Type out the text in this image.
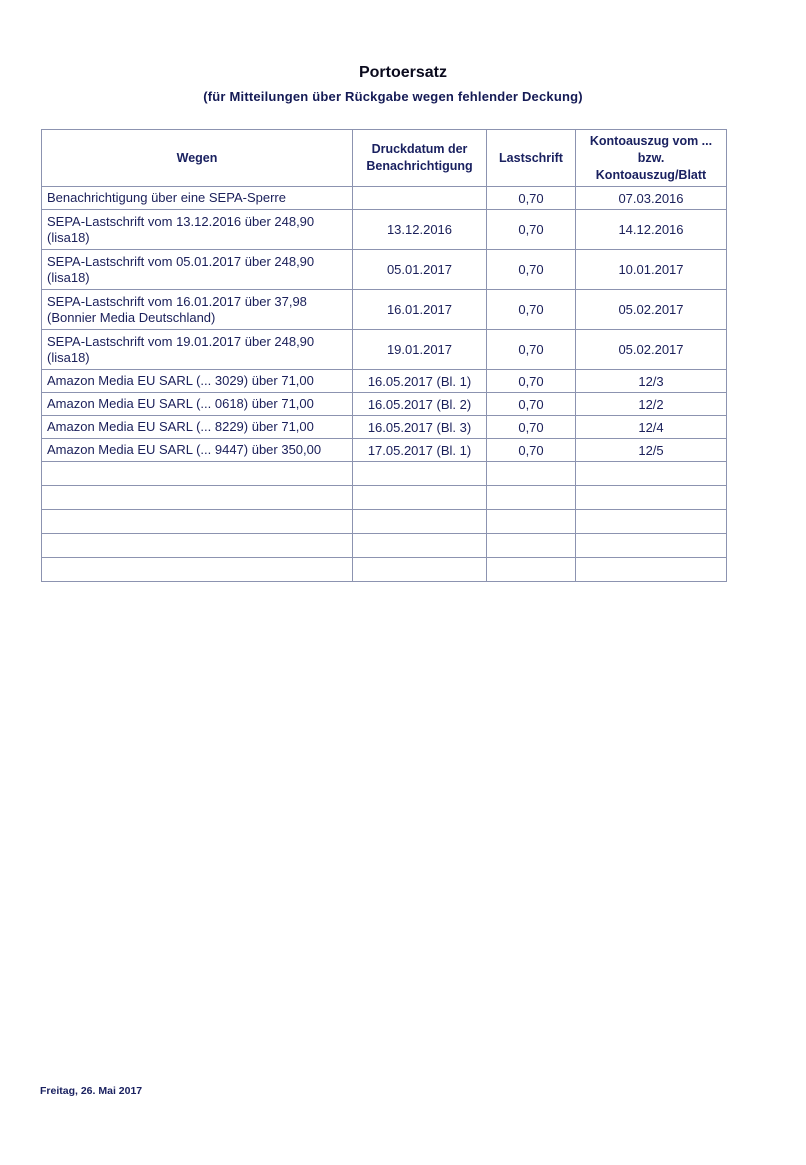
Portoersatz
(für Mitteilungen über Rückgabe wegen fehlender Deckung)
Wegen	Druckdatum der Benachrichtigung	Lastschrift	Kontoauszug vom ... bzw. Kontoauszug/Blatt
Benachrichtigung über eine SEPA-Sperre		0,70	07.03.2016
SEPA-Lastschrift vom 13.12.2016 über 248,90 (lisa18)	13.12.2016	0,70	14.12.2016
SEPA-Lastschrift vom 05.01.2017 über 248,90 (lisa18)	05.01.2017	0,70	10.01.2017
SEPA-Lastschrift vom 16.01.2017 über 37,98 (Bonnier Media Deutschland)	16.01.2017	0,70	05.02.2017
SEPA-Lastschrift vom 19.01.2017 über 248,90 (lisa18)	19.01.2017	0,70	05.02.2017
Amazon Media EU SARL (... 3029) über 71,00	16.05.2017 (Bl. 1)	0,70	12/3
Amazon Media EU SARL (... 0618) über 71,00	16.05.2017 (Bl. 2)	0,70	12/2
Amazon Media EU SARL (... 8229) über 71,00	16.05.2017 (Bl. 3)	0,70	12/4
Amazon Media EU SARL (... 9447) über 350,00	17.05.2017 (Bl. 1)	0,70	12/5

Freitag, 26. Mai 2017
